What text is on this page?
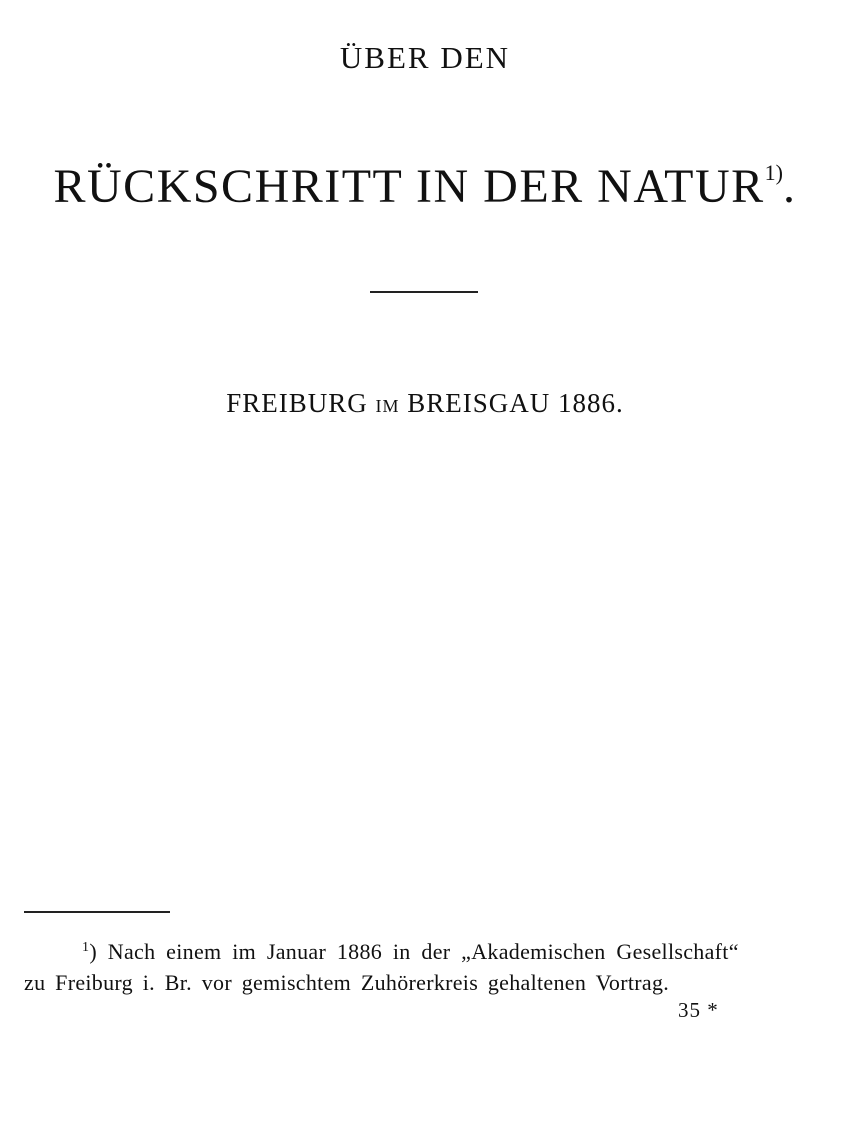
ÜBER DEN
RÜCKSCHRITT IN DER NATUR$^{1)}$.
FREIBURG IM BREISGAU 1886.
$^1$) Nach einem im Januar 1886 in der „Akademischen Gesellschaft“
zu Freiburg i. Br. vor gemischtem Zuhörerkreis gehaltenen Vortrag.
35 *
